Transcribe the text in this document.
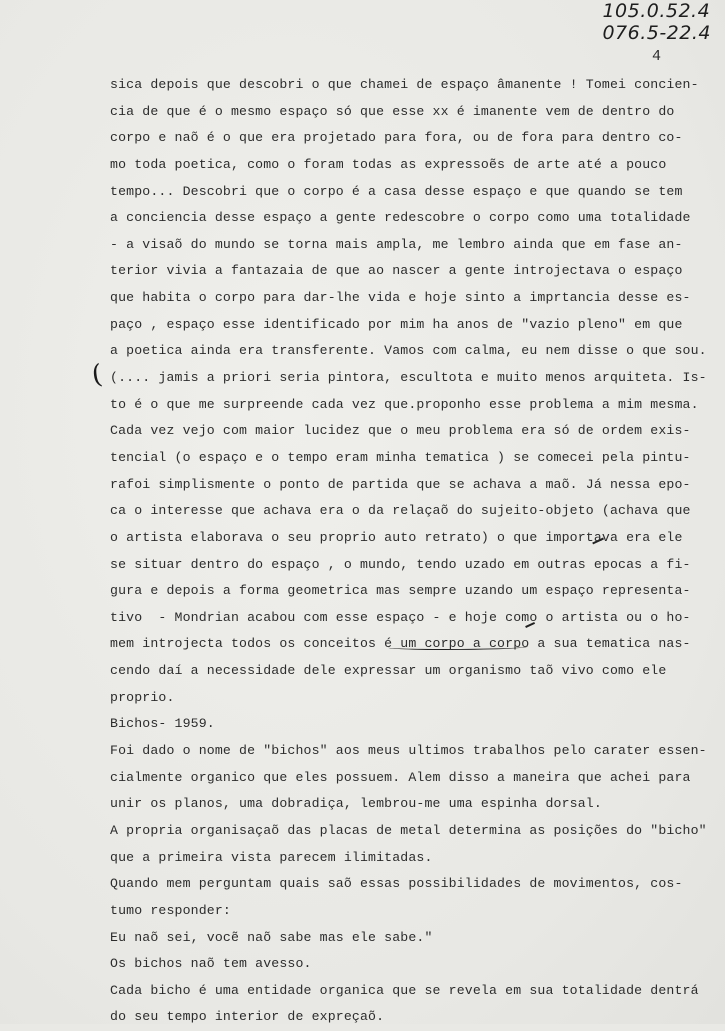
105.0.52.4
076.5-22.4
4
(
sica depois que descobri o que chamei de espaço âmanente ! Tomei concien-
cia de que é o mesmo espaço só que esse xx é imanente vem de dentro do
corpo e naõ é o que era projetado para fora, ou de fora para dentro co-
mo toda poetica, como o foram todas as expressoẽs de arte até a pouco
tempo... Descobri que o corpo é a casa desse espaço e que quando se tem
a conciencia desse espaço a gente redescobre o corpo como uma totalidade
- a visaõ do mundo se torna mais ampla, me lembro ainda que em fase an-
terior vivia a fantazaia de que ao nascer a gente introjectava o espaço
que habita o corpo para dar-lhe vida e hoje sinto a imprtancia desse es-
paço , espaço esse identificado por mim ha anos de "vazio pleno" em que
a poetica ainda era transferente. Vamos com calma, eu nem disse o que sou.
(.... jamis a priori seria pintora, escultota e muito menos arquiteta. Is-
to é o que me surpreende cada vez que.proponho esse problema a mim mesma.
Cada vez vejo com maior lucidez que o meu problema era só de ordem exis-
tencial (o espaço e o tempo eram minha tematica ) se comecei pela pintu-
rafoi simplismente o ponto de partida que se achava a maõ. Já nessa epo-
ca o interesse que achava era o da relaçaõ do sujeito-objeto (achava que
o artista elaborava o seu proprio auto retrato) o que importava era ele
se situar dentro do espaço , o mundo, tendo uzado em outras epocas a fi-
gura e depois a forma geometrica mas sempre uzando um espaço representa-
tivo  - Mondrian acabou com esse espaço - e hoje como o artista ou o ho-
mem introjecta todos os conceitos é um corpo a corpo a sua tematica nas-
cendo daí a necessidade dele expressar um organismo taõ vivo como ele
proprio.
Bichos- 1959.
Foi dado o nome de "bichos" aos meus ultimos trabalhos pelo carater essen-
cialmente organico que eles possuem. Alem disso a maneira que achei para
unir os planos, uma dobradiça, lembrou-me uma espinha dorsal.
A propria organisaçaõ das placas de metal determina as posições do "bicho"
que a primeira vista parecem ilimitadas.
Quando mem perguntam quais saõ essas possibilidades de movimentos, cos-
tumo responder:
Eu naõ sei, vocẽ naõ sabe mas ele sabe."
Os bichos naõ tem avesso.
Cada bicho é uma entidade organica que se revela em sua totalidade dentrá
do seu tempo interior de expreçaõ.
